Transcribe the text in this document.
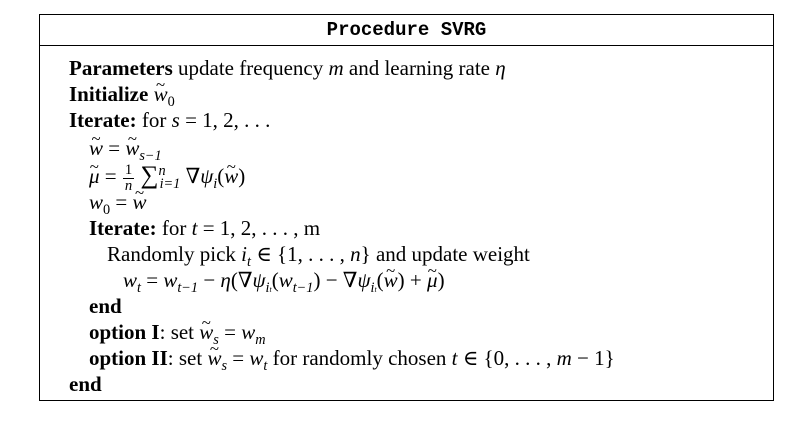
Procedure SVRG
Parameters update frequency m and learning rate η
Initialize ~ $w_0$
Iterate: for s = 1, 2, . . .
~ w = ~ $w_{s-1}$
~ $\mu = \frac{1}{n} \sum^n_{i=1}$ $\nabla\psi_i(\sim$ w)
$w_0$ = ~ w
Iterate: for t = 1, 2, . . . , m
Randomly pick $i_t$ ∈ {1, . . . , n} and update weight
$w_t = w_{t-1} - \eta(\nabla\psi_{it}(w_{t-1})$ − $\nabla\psi_{it}(\sim$ w) + ~ μ)
end
option I: set ~ $w_s = w_m$
option II: set ~ $w_s = w_t$ for randomly chosen t ∈ {0, . . . , m − 1}
end
